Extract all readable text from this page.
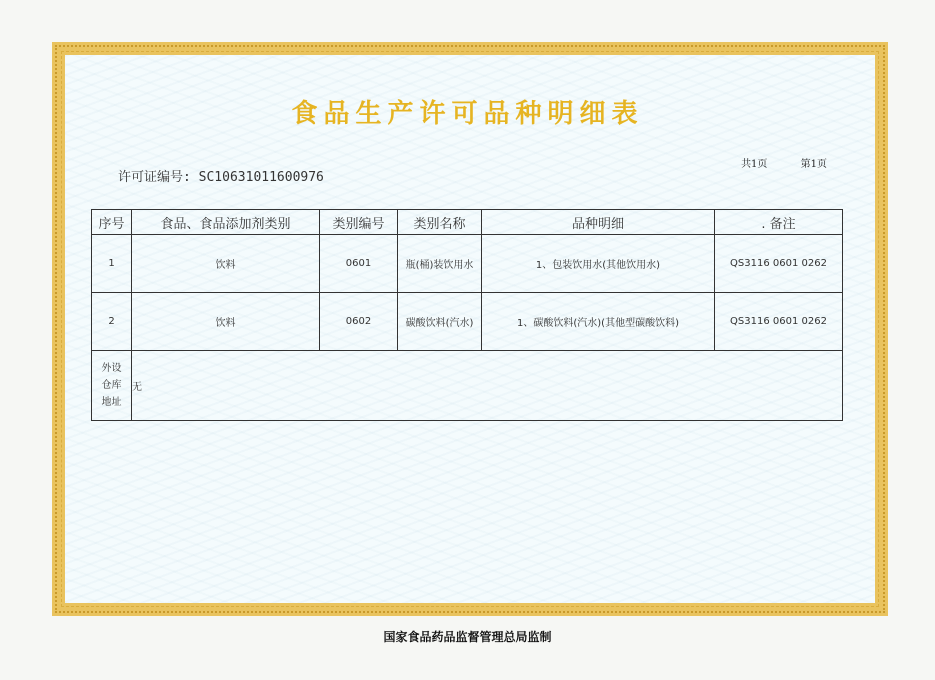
食品生产许可品种明细表
许可证编号: SC10631011600976
共1页	第1页
序号	食品、食品添加剂类别	类别编号	类别名称	品种明细	. 备注
1	饮料	0601	瓶(桶)装饮用水	1、包装饮用水(其他饮用水)	QS3116 0601 0262
2	饮料	0602	碳酸饮料(汽水)	1、碳酸饮料(汽水)(其他型碳酸饮料)	QS3116 0601 0262

外设
仓库
地址	无				
国家食品药品监督管理总局监制
